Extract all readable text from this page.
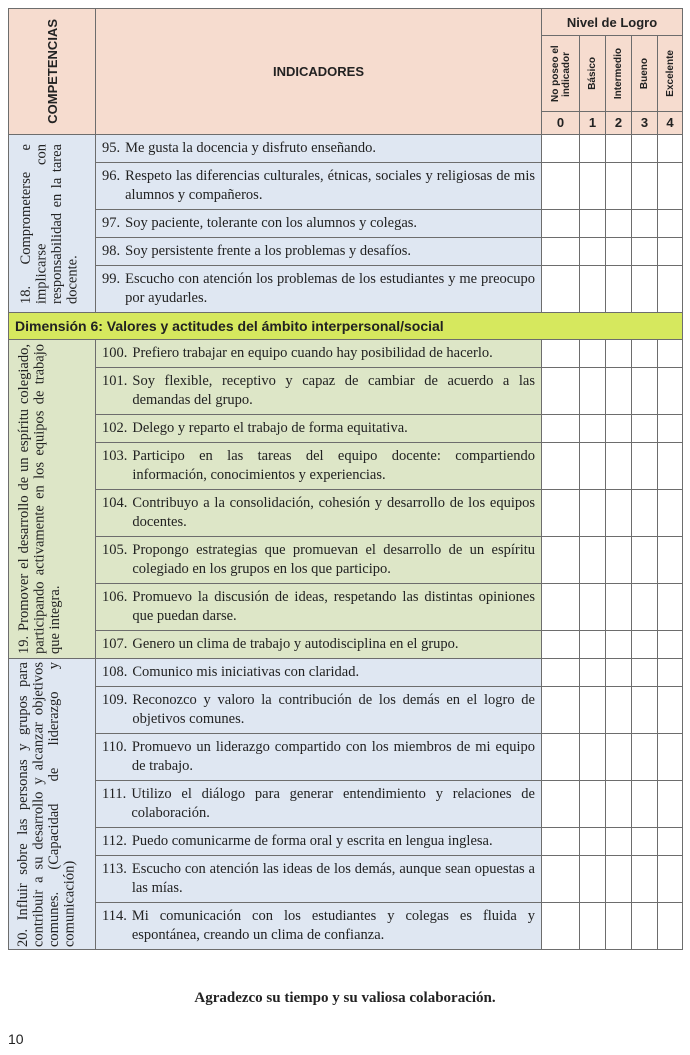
COMPETENCIAS	INDICADORES	Nivel de Logro				

		No poseo el indicador	Básico	Intermedio	Bueno	Excelente

		0	1	2	3	4

18. Comprometerse e implicarse con responsabilidad en la tarea docente.	95. Me gusta la docencia y disfruto enseñando.					

	96. Respeto las diferencias culturales, étnicas, sociales y religiosas de mis alumnos y compañeros.					

	97. Soy paciente, tolerante con los alumnos y colegas.					

	98. Soy persistente frente a los problemas y desafíos.					

	99. Escucho con atención los problemas de los estudiantes y me preocupo por ayudarles.					

Dimensión 6: Valores y actitudes del ámbito interpersonal/social						

19. Promover el desarrollo de un espíritu colegiado, participando activamente en los equipos de trabajo que integra.	100. Prefiero trabajar en equipo cuando hay posibilidad de hacerlo.					

	101. Soy flexible, receptivo y capaz de cambiar de acuerdo a las demandas del grupo.					

	102. Delego y reparto el trabajo de forma equitativa.					

	103. Participo en las tareas del equipo docente: compartiendo información, conocimientos y experiencias.					

	104. Contribuyo a la consolidación, cohesión y desarrollo de los equipos docentes.					

	105. Propongo estrategias que promuevan el desarrollo de un espíritu colegiado en los grupos en los que participo.					

	106. Promuevo la discusión de ideas, respetando las distintas opiniones que puedan darse.					

	107. Genero un clima de trabajo y autodisciplina en el grupo.					

20. Influir sobre las personas y grupos para contribuir a su desarrollo y alcanzar objetivos comunes. (Capacidad de liderazgo y comunicación)	108. Comunico mis iniciativas con claridad.					

	109. Reconozco y valoro la contribución de los demás en el logro de objetivos comunes.					

	110. Promuevo un liderazgo compartido con los miembros de mi equipo de trabajo.					

	111. Utilizo el diálogo para generar entendimiento y relaciones de colaboración.					

	112. Puedo comunicarme de forma oral y escrita en lengua inglesa.					

	113. Escucho con atención las ideas de los demás, aunque sean opuestas a las mías.					

	114. Mi comunicación con los estudiantes y colegas es fluida y espontánea, creando un clima de confianza.					

Agradezco su tiempo y su valiosa colaboración.
10
